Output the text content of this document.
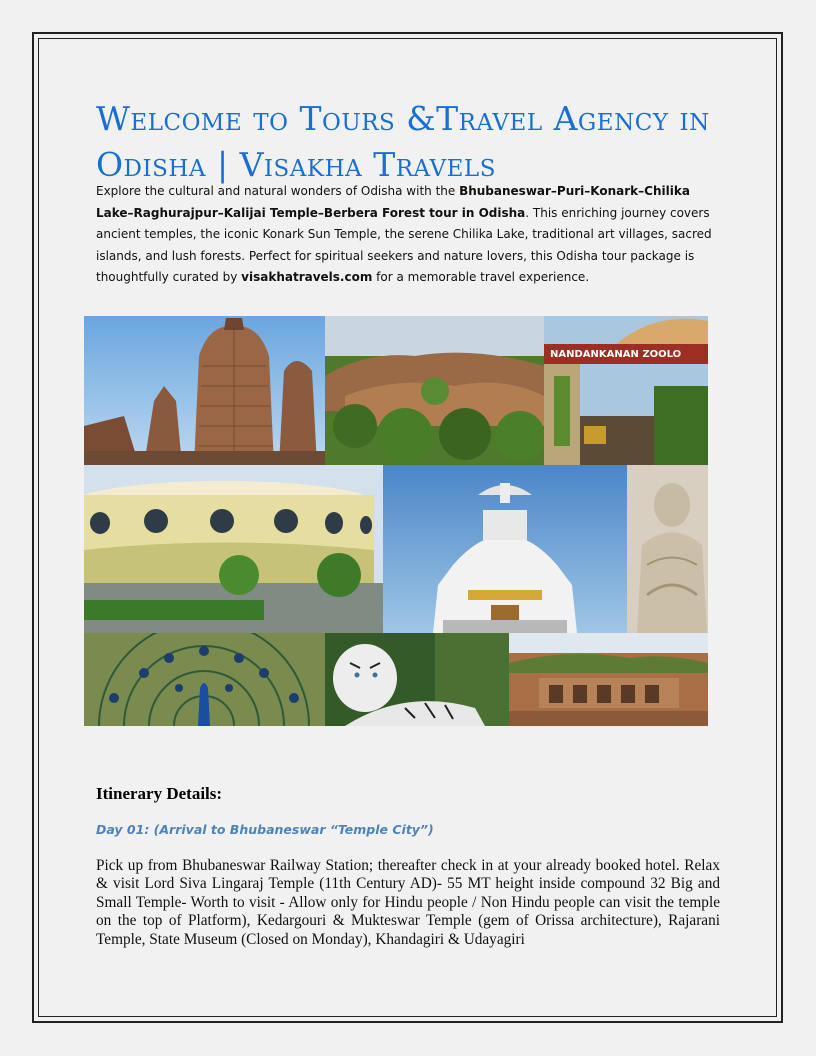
Welcome to Tours &Travel Agency in Odisha | Visakha Travels

Explore the cultural and natural wonders of Odisha with the Bhubaneswar–Puri–Konark–Chilika Lake–Raghurajpur–Kalijai Temple–Berbera Forest tour in Odisha. This enriching journey covers ancient temples, the iconic Konark Sun Temple, the serene Chilika Lake, traditional art villages, sacred islands, and lush forests. Perfect for spiritual seekers and nature lovers, this Odisha tour package is thoughtfully curated by visakhatravels.com for a memorable travel experience.

NANDANKANAN ZOOLO
Itinerary Details:
Day 01: (Arrival to Bhubaneswar “Temple City”)

Pick up from Bhubaneswar Railway Station; thereafter check in at your already booked hotel. Relax & visit Lord Siva Lingaraj Temple (11th Century AD)- 55 MT height inside compound 32 Big and Small Temple- Worth to visit - Allow only for Hindu people / Non Hindu people can visit the temple on the top of Platform), Kedargouri & Mukteswar Temple (gem of Orissa architecture), Rajarani Temple, State Museum (Closed on Monday), Khandagiri & Udayagiri
